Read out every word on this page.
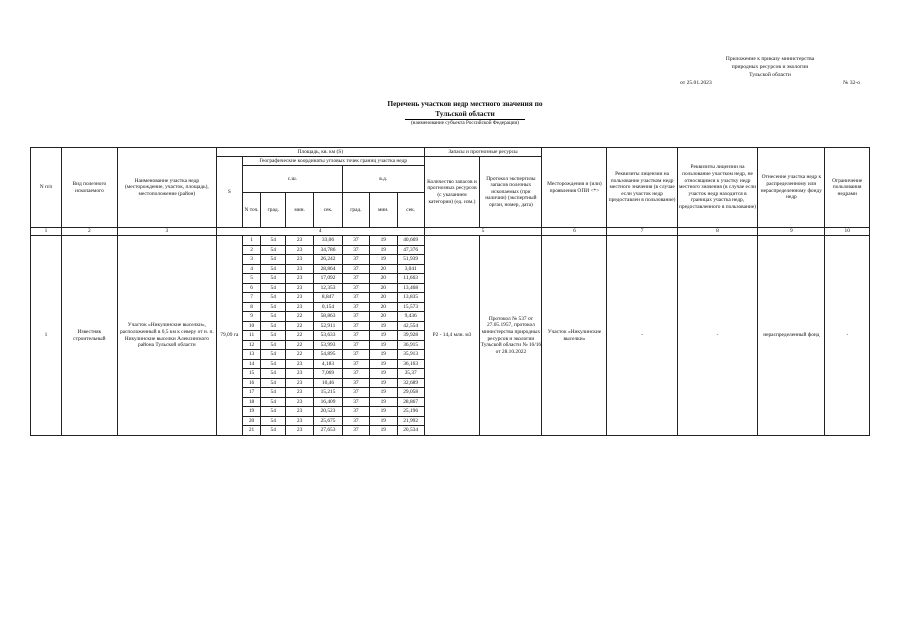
Приложение к приказу министерства
природных ресурсов и экологии
Тульской области
от 25.01.2023	№ 32-о
Перечень участков недр местного значения по
Тульской области
(наименование субъекта Российской Федерации)
N п/п	Вид полезного ископаемого	Наименование участка недр (месторождение, участок, площадь), местоположение (район)	Площадь, кв. км (S)								Запасы и прогнозные ресурсы		Месторождения и (или) проявления ОПИ <*>	Реквизиты лицензии на пользование участком недр местного значения (в случае если участок недр предоставлен в пользование)	Реквизиты лицензии на пользование участком недр, не относящимся к участку недр местного значения (в случае если участок недр находится в границах участка недр, предоставленного в пользование)	Отнесение участка недр к распределенному или нераспределенному фонду недр	Ограничение пользования недрами
			S	Географические координаты угловых точек границ участка недр							Количество запасов и прогнозных ресурсов (с указанием категории) (ед. изм.)	Протокол экспертизы запасов полезных ископаемых (при наличии) (экспертный орган, номер, дата)					
				с.ш.				в.д.									
				N точ.	град.	мин.	сек.	град.	мин.	сек.							
1	2	3	4								5		6	7	8	9	10
1	Известняк строительный	Участок «Никулинские выселки», расположенный в 0,5 км к северу от н. п. Никулинские выселки Алексинского района Тульской области	79,09 га	1	54	23	33,06	37	19	40,669	Р2 - 14,4 млн. м3	Протокол № 537 от 27.05.1957, протокол министерства природных ресурсов и экологии Тульской области № 16/16 от 28.10.2022	Участок «Никулинские выселки»	-	-	нераспределенный фонд	-
				2	54	23	34,786	37	19	47,376							
				3	54	23	26,242	37	19	51,939							
				4	54	23	28,864	37	20	3,041							
				5	54	23	17,092	37	20	11,663							
				6	54	23	12,353	37	20	13,468							
				7	54	23	8,847	37	20	13,835							
				8	54	23	0,154	37	20	15,573							
				9	54	22	58,863	37	20	9,436							
				10	54	22	52,911	37	19	42,554							
				11	54	22	53,633	37	19	39,928							
				12	54	22	53,993	37	19	36,915							
				13	54	22	54,895	37	19	35,913							
				14	54	23	4,183	37	19	36,163							
				15	54	23	7,069	37	19	35,37							
				16	54	23	10,46	37	19	32,689							
				17	54	23	15,215	37	19	29,058							
				18	54	23	16,409	37	19	28,867							
				19	54	23	20,523	37	19	25,196							
				20	54	23	25,675	37	19	21,992							
				21	54	23	27,653	37	19	20,534							
